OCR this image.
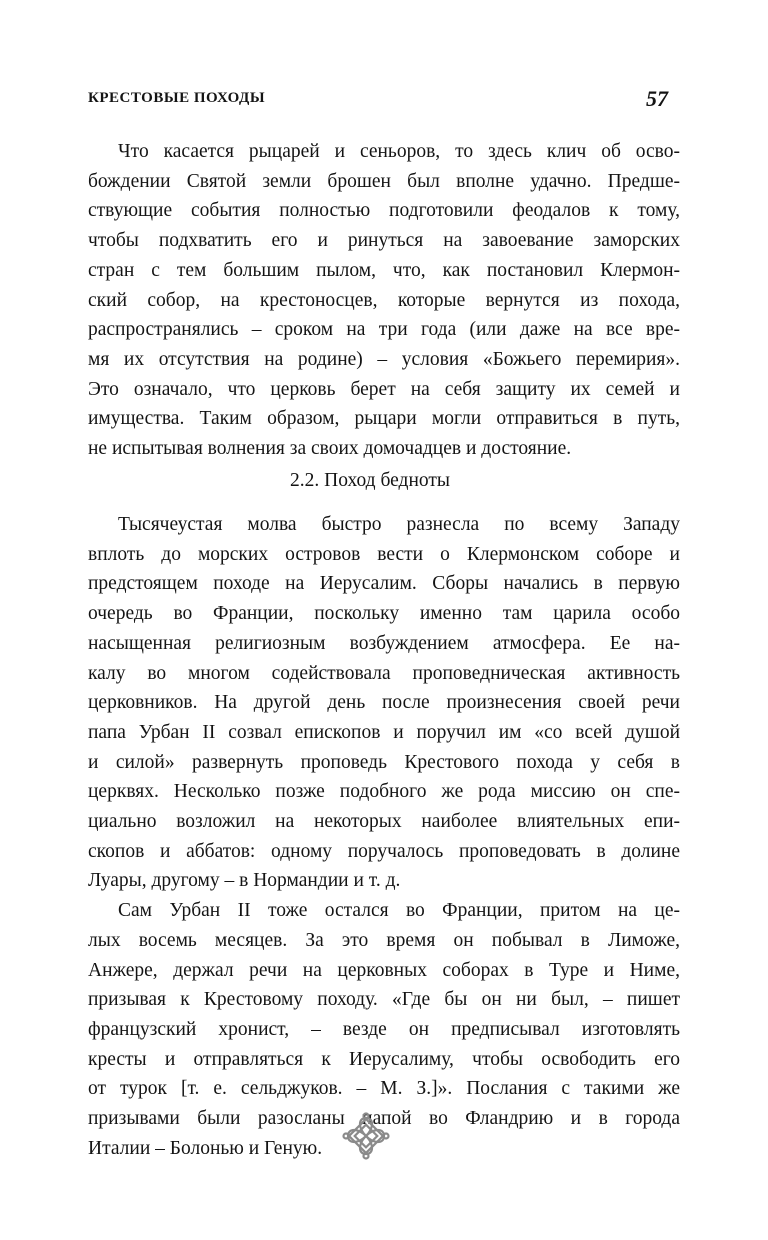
КРЕСТОВЫЕ ПОХОДЫ	57
Что касается рыцарей и сеньоров, то здесь клич об осво-
бождении Святой земли брошен был вполне удачно. Предше-
ствующие события полностью подготовили феодалов к тому,
чтобы подхватить его и ринуться на завоевание заморских
стран с тем большим пылом, что, как постановил Клермон-
ский собор, на крестоносцев, которые вернутся из похода,
распространялись – сроком на три года (или даже на все вре-
мя их отсутствия на родине) – условия «Божьего перемирия».
Это означало, что церковь берет на себя защиту их семей и
имущества. Таким образом, рыцари могли отправиться в путь,
не испытывая волнения за своих домочадцев и достояние.
2.2. Поход бедноты
Тысячеустая молва быстро разнесла по всему Западу
вплоть до морских островов вести о Клермонском соборе и
предстоящем походе на Иерусалим. Сборы начались в первую
очередь во Франции, поскольку именно там царила особо
насыщенная религиозным возбуждением атмосфера. Ее на-
калу во многом содействовала проповедническая активность
церковников. На другой день после произнесения своей речи
папа Урбан II созвал епископов и поручил им «со всей душой
и силой» развернуть проповедь Крестового похода у себя в
церквях. Несколько позже подобного же рода миссию он спе-
циально возложил на некоторых наиболее влиятельных епи-
скопов и аббатов: одному поручалось проповедовать в долине
Луары, другому – в Нормандии и т. д.
Сам Урбан II тоже остался во Франции, притом на це-
лых восемь месяцев. За это время он побывал в Лиможе,
Анжере, держал речи на церковных соборах в Туре и Ниме,
призывая к Крестовому походу. «Где бы он ни был, – пишет
французский хронист, – везде он предписывал изготовлять
кресты и отправляться к Иерусалиму, чтобы освободить его
от турок [т. е. сельджуков. – М. З.]». Послания с такими же
призывами были разосланы папой во Фландрию и в города
Италии – Болонью и Геную.
